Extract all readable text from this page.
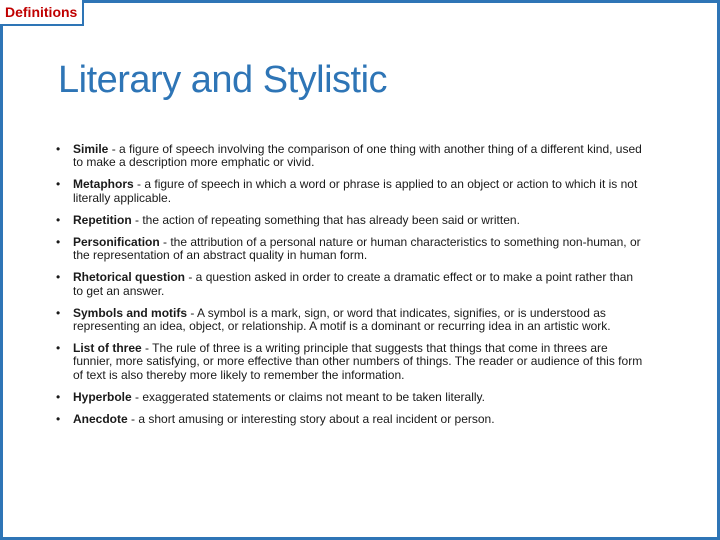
Definitions
Literary and Stylistic
• Simile - a figure of speech involving the comparison of one thing with another thing of a different kind, used to make a description more emphatic or vivid.
• Metaphors - a figure of speech in which a word or phrase is applied to an object or action to which it is not literally applicable.
• Repetition - the action of repeating something that has already been said or written.
• Personification - the attribution of a personal nature or human characteristics to something non-human, or the representation of an abstract quality in human form.
• Rhetorical question - a question asked in order to create a dramatic effect or to make a point rather than to get an answer.
• Symbols and motifs - A symbol is a mark, sign, or word that indicates, signifies, or is understood as representing an idea, object, or relationship. A motif is a dominant or recurring idea in an artistic work.
• List of three - The rule of three is a writing principle that suggests that things that come in threes are funnier, more satisfying, or more effective than other numbers of things. The reader or audience of this form of text is also thereby more likely to remember the information.
• Hyperbole - exaggerated statements or claims not meant to be taken literally.
• Anecdote - a short amusing or interesting story about a real incident or person.
